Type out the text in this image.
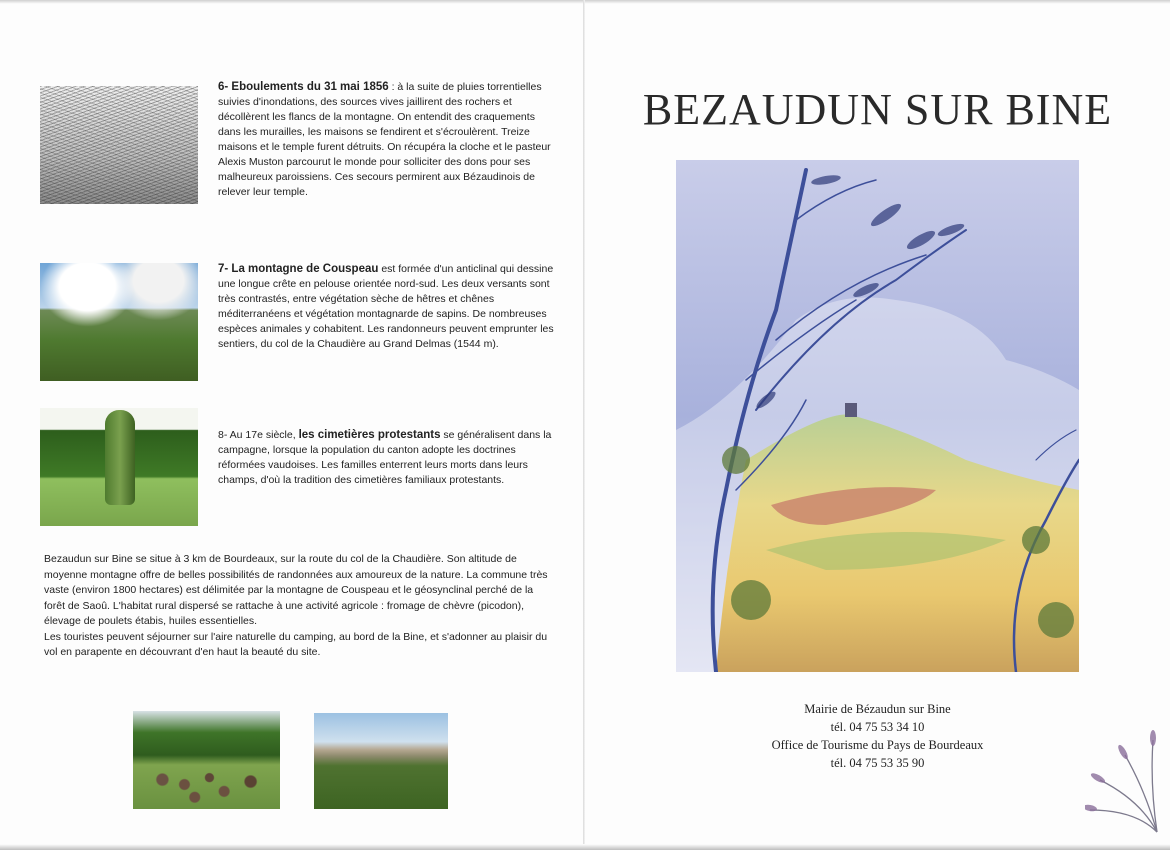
6- Eboulements du 31 mai 1856 : à la suite de pluies torrentielles suivies d'inondations, des sources vives jaillirent des rochers et décollèrent les flancs de la montagne. On entendit des craquements dans les murailles, les maisons se fendirent et s'écroulèrent. Treize maisons et le temple furent détruits. On récupéra la cloche et le pasteur Alexis Muston parcourut le monde pour solliciter des dons pour ses malheureux paroissiens. Ces secours permirent aux Bézaudinois de relever leur temple.
7- La montagne de Couspeau est formée d'un anticlinal qui dessine une longue crête en pelouse orientée nord-sud. Les deux versants sont très contrastés, entre végétation sèche de hêtres et chênes méditerranéens et végétation montagnarde de sapins. De nombreuses espèces animales y cohabitent. Les randonneurs peuvent emprunter les sentiers, du col de la Chaudière au Grand Delmas (1544 m).
8- Au 17e siècle, les cimetières protestants se généralisent dans la campagne, lorsque la population du canton adopte les doctrines réformées vaudoises. Les familles enterrent leurs morts dans leurs champs, d'où la tradition des cimetières familiaux protestants.

Bezaudun sur Bine se situe à 3 km de Bourdeaux, sur la route du col de la Chaudière. Son altitude de moyenne montagne offre de belles possibilités de randonnées aux amoureux de la nature. La commune très vaste (environ 1800 hectares) est délimitée par la montagne de Couspeau et le géosynclinal perché de la forêt de Saoû. L'habitat rural dispersé se rattache à une activité agricole : fromage de chèvre (picodon), élevage de poulets étabis, huiles essentielles.

Les touristes peuvent séjourner sur l'aire naturelle du camping, au bord de la Bine, et s'adonner au plaisir du vol en parapente en découvrant d'en haut la beauté du site.

BEZAUDUN SUR BINE
Mairie de Bézaudun sur Bine
tél. 04 75 53 34 10
Office de Tourisme du Pays de Bourdeaux
tél. 04 75 53 35 90
